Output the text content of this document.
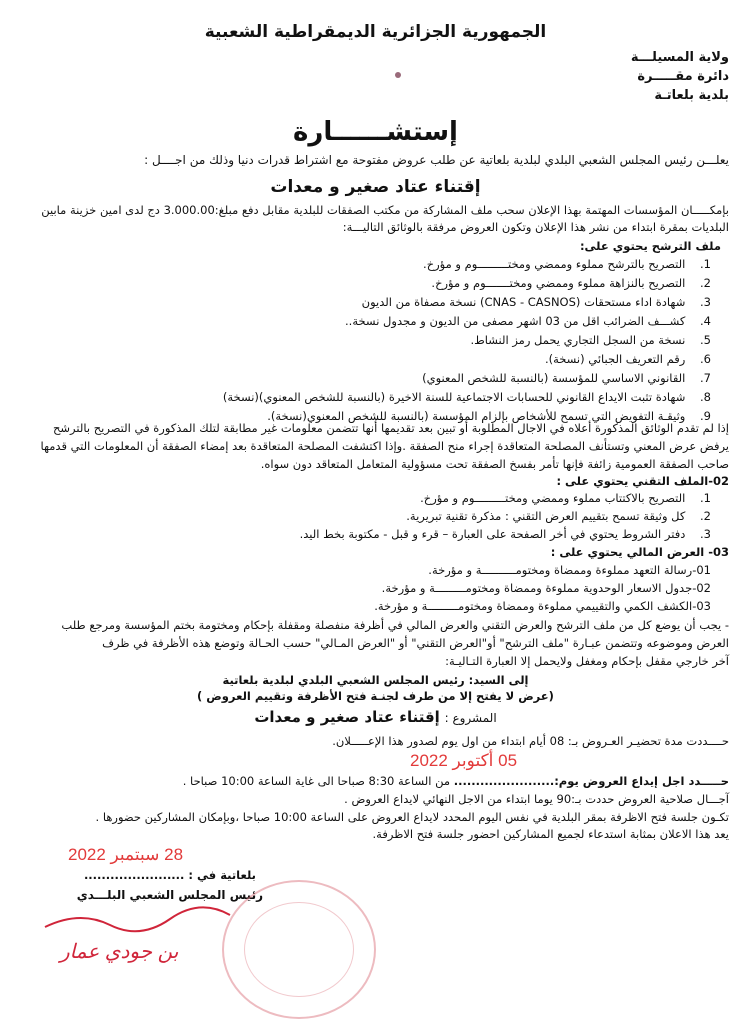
الجمهورية الجزائرية الديمقراطية الشعبية
ولاية المسيلـــة
دائرة مقـــــرة
بلدية بلعاتـة
إستشــــــارة
يعلـــن رئيس المجلس الشعبي البلدي لبلدية بلعاتية عن طلب عروض مفتوحة مع اشتراط قدرات دنيا وذلك من اجــــل :
إقتناء عتاد صغير و معدات
بإمكـــــان المؤسسات المهتمة بهذا الإعلان سحب ملف المشاركة من مكتب الصفقات للبلدية مقابل دفع مبلغ:3.000.00 دج لدى امين خزينة مابين
البلديات بمقرة ابتداء من نشر هذا الإعلان وتكون العروض مرفقة بالوثائق التاليـــة:
ملف الترشح يحتوي على:
1. التصريح بالترشح مملوء وممضي ومختـــــــــوم و مؤرخ.
2. التصريح بالنزاهة مملوء وممضي ومختـــــــوم و مؤرخ.
3. شهادة اداء مستحقات (CNAS - CASNOS) نسخة مصفاة من الديون
4. كشـــف الضرائب اقل من 03 اشهر مصفى من الديون و مجدول نسخة..
5. نسخة من السجل التجاري يحمل رمز النشاط.
6. رقم التعريف الجبائي (نسخة).
7. القانوني الاساسي للمؤسسة (بالنسبة للشخص المعنوي)
8. شهادة تثبت الايداع القانوني للحسابات الاجتماعية للسنة الاخيرة (بالنسبة للشخص المعنوي)(نسخة)
9. وثيقـة التفويض التي تسمح للأشخاص بإلزام المؤسسة (بالنسبة للشخص المعنوي(نسخة).
إذا لم تقدم الوثائق المذكورة أعلاه في الاجال المطلوبة أو تبين بعد تقديمها أنها تتضمن معلومات غير مطابقة لتلك المذكورة في التصريح بالترشح
يرفض عرض المعني وتستأنف المصلحة المتعاقدة إجراء منح الصفقة .وإذا اكتشفت المصلحة المتعاقدة بعد إمضاء الصفقة أن المعلومات التي قدمها
صاحب الصفقة العمومية زائفة فإنها تأمر بفسخ الصفقة تحت مسؤولية المتعامل المتعاقد دون سواه.
02-الملف التقني يحتوي على :
1. التصريح بالاكتتاب مملوء وممضي ومختـــــــــوم و مؤرخ.
2. كل وثيقة تسمح بتقييم العرض التقني : مذكرة تقنية تبريرية.
3. دفتر الشروط يحتوي في أخر الصفحة على العبارة – قرء و قبل - مكتوبة بخط اليد.
03- العرض المالي يحتوي على :
01-رسالة التعهد مملوءة وممضاة ومختومــــــــــة و مؤرخة.
02-جدول الاسعار الوحدوية مملوءة وممضاة ومختومـــــــــة و مؤرخة.
03-الكشف الكمي والتقييمي مملوءة وممضاة ومختومـــــــــة و مؤرخة.
- يجب أن يوضع كل من ملف الترشح والعرض التقني والعرض المالي في أظرفة منفصلة ومقفلة بإحكام ومختومة بختم المؤسسة ومرجع طلب
العرض وموضوعه وتتضمن عبـارة "ملف الترشح" أو"العرض التقني" أو "العرض المـالي" حسب الحـالة وتوضع هذه الأظرفة في ظرف
آخر خارجي مقفل بإحكام ومغفل ولايحمل إلا العبارة التـاليـة:
إلى السيد: رئيس المجلس الشعبي البلدي لبلدية بلعاتية
(عرض لا يفتح إلا من طرف لجنـة فتح الأظرفة وتقييم العروض )
المشروع : إقتناء عتاد صغير و معدات
حــــددت مدة تحضيـر العـروض بـ: 08 أيام ابتداء من اول يوم لصدور هذا الإعـــــلان.
05 أكتوبر 2022
حـــــدد اجل إيداع العروض يوم:....................... من الساعة 8:30 صباحا الى غاية الساعة 10:00 صباحا .
آجـــال صلاحية العروض حددت بـ:90 يوما ابتداء من الاجل النهائي لايداع العروض .
تكـون جلسة فتح الاظرفة بمقر البلدية في نفس اليوم المحدد لايداع العروض على الساعة 10:00 صباحا ،وبإمكان المشاركين حضورها .
يعد هذا الاعلان بمثابة استدعاء لجميع المشاركين احضور جلسة فتح الاظرفة.
28 سبتمبر 2022
بلعاتية في : .......................
رئيس المجلس الشعبي البلـــدي
بن جودي عمار
